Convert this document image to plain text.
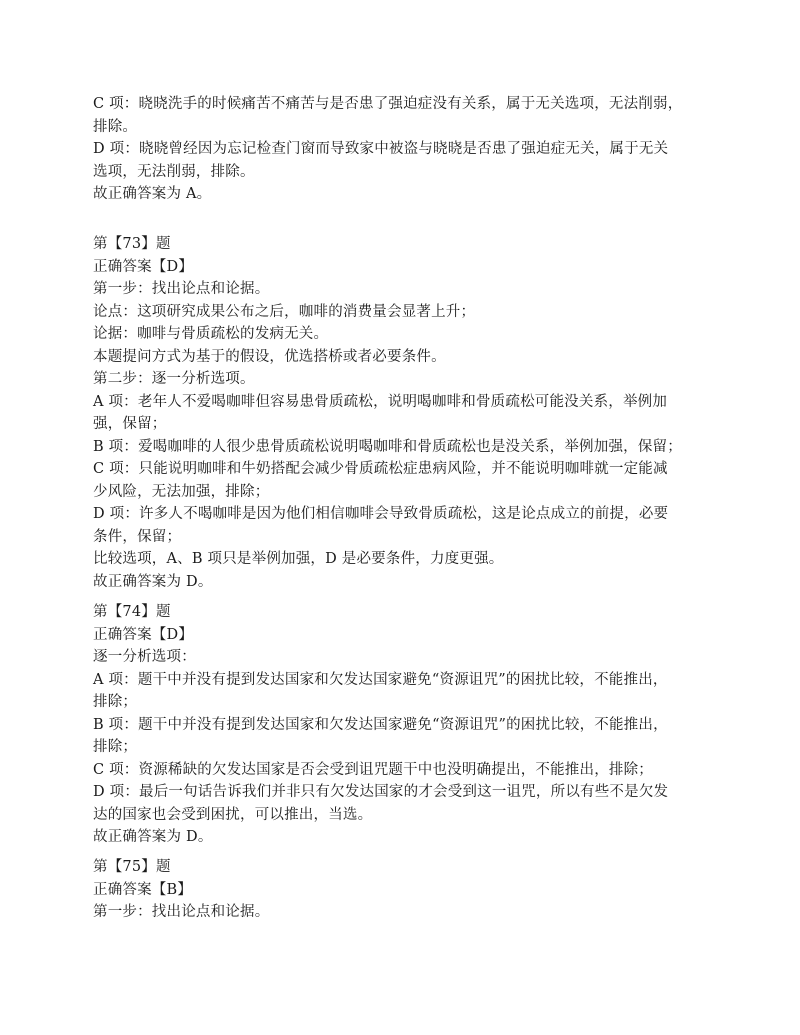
C 项：晓晓洗手的时候痛苦不痛苦与是否患了强迫症没有关系，属于无关选项，无法削弱，
排除。
D 项：晓晓曾经因为忘记检查门窗而导致家中被盗与晓晓是否患了强迫症无关，属于无关
选项，无法削弱，排除。
故正确答案为 A。
第【73】题
正确答案【D】
第一步：找出论点和论据。
论点：这项研究成果公布之后，咖啡的消费量会显著上升；
论据：咖啡与骨质疏松的发病无关。
本题提问方式为基于的假设，优选搭桥或者必要条件。
第二步：逐一分析选项。
A 项：老年人不爱喝咖啡但容易患骨质疏松，说明喝咖啡和骨质疏松可能没关系，举例加
强，保留；
B 项：爱喝咖啡的人很少患骨质疏松说明喝咖啡和骨质疏松也是没关系，举例加强，保留；
C 项：只能说明咖啡和牛奶搭配会减少骨质疏松症患病风险，并不能说明咖啡就一定能减
少风险，无法加强，排除；
D 项：许多人不喝咖啡是因为他们相信咖啡会导致骨质疏松，这是论点成立的前提，必要
条件，保留；
比较选项，A、B 项只是举例加强，D 是必要条件，力度更强。
故正确答案为 D。
第【74】题
正确答案【D】
逐一分析选项：
A 项：题干中并没有提到发达国家和欠发达国家避免“资源诅咒”的困扰比较，不能推出，
排除；
B 项：题干中并没有提到发达国家和欠发达国家避免“资源诅咒”的困扰比较，不能推出，
排除；
C 项：资源稀缺的欠发达国家是否会受到诅咒题干中也没明确提出，不能推出，排除；
D 项：最后一句话告诉我们并非只有欠发达国家的才会受到这一诅咒，所以有些不是欠发
达的国家也会受到困扰，可以推出，当选。
故正确答案为 D。
第【75】题
正确答案【B】
第一步：找出论点和论据。
